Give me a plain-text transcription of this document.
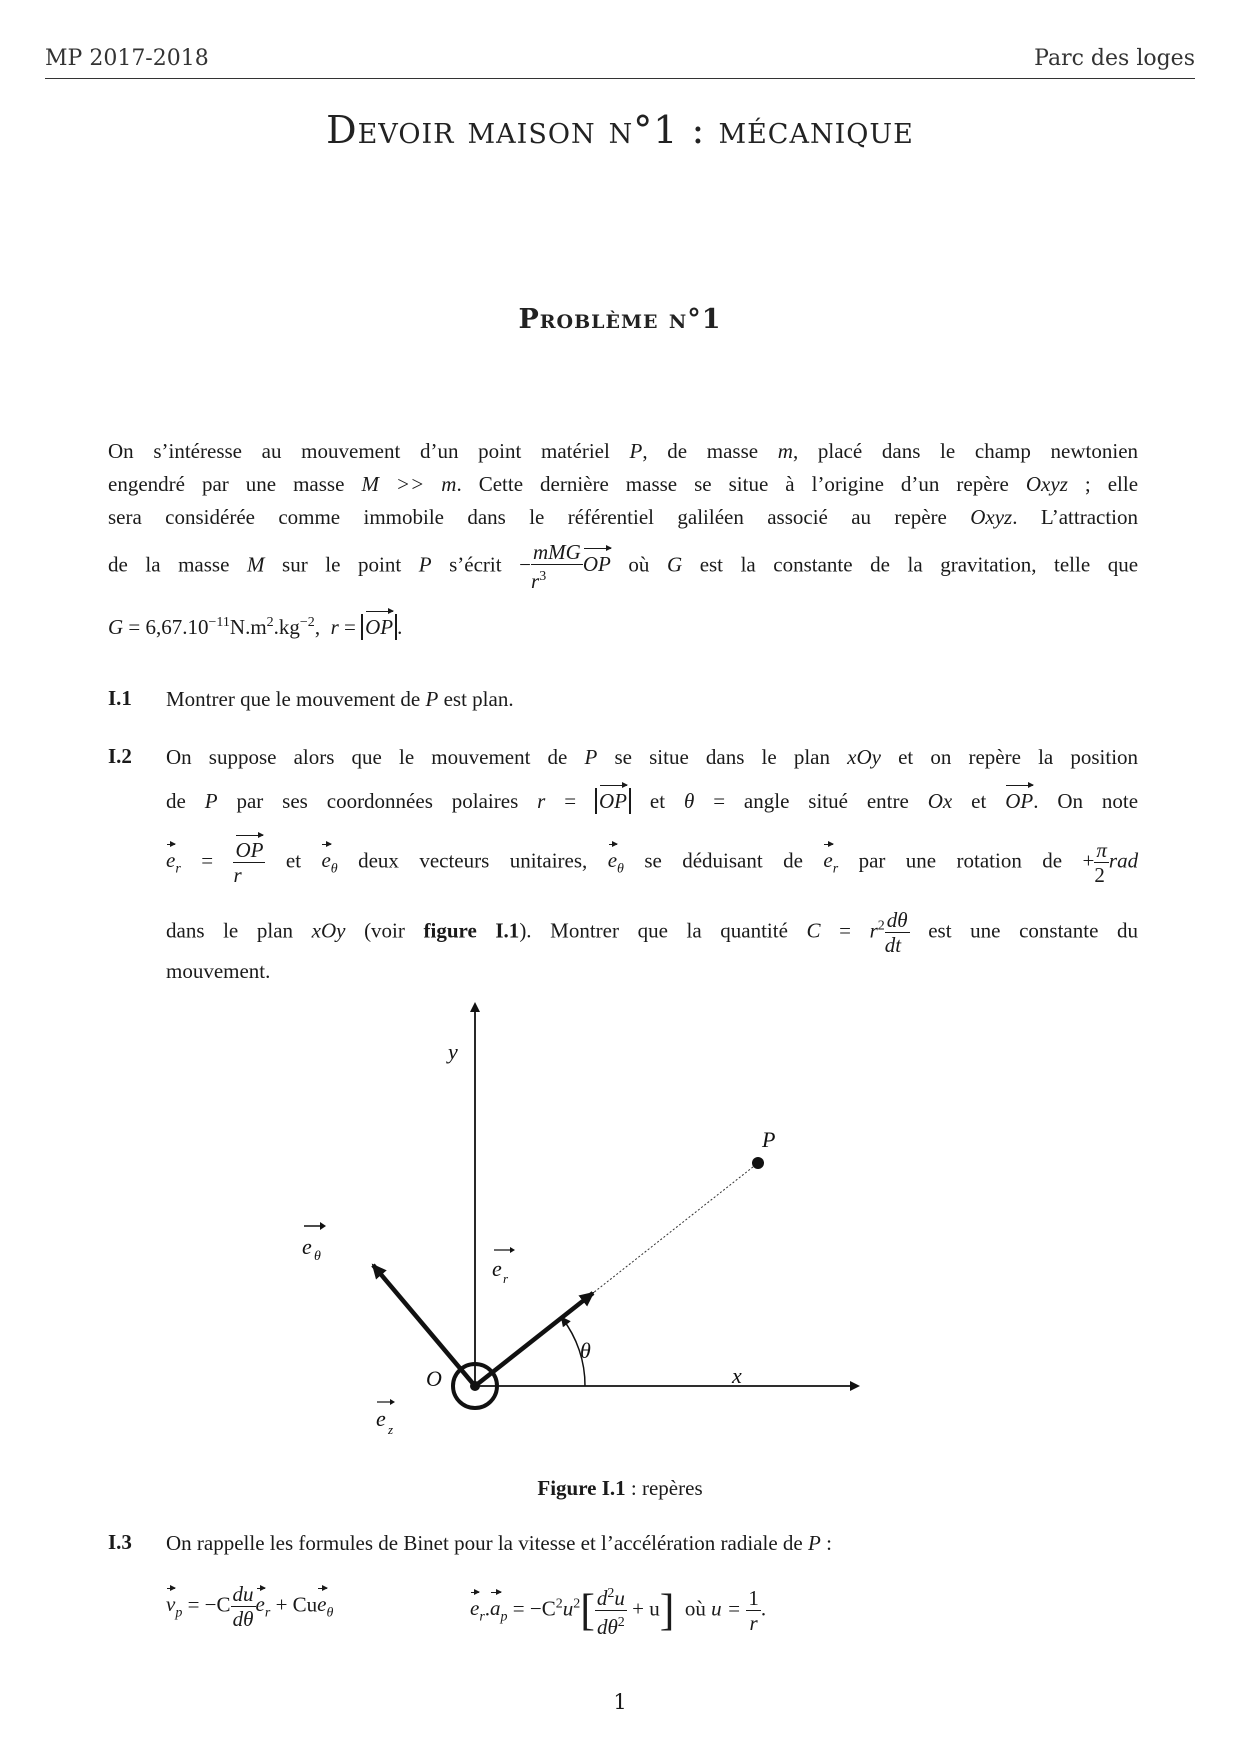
MP 2017-2018	Parc des loges
Devoir maison n°1 : mécanique
Problème n°1
On s’intéresse au mouvement d’un point matériel P, de masse m, placé dans le champ newtonien
engendré par une masse M >> m. Cette dernière masse se situe à l’origine d’un repère Oxyz ; elle
sera considérée comme immobile dans le référentiel galiléen associé au repère Oxyz. L’attraction
de la masse M sur le point P s’écrit − $\frac{\text{mMG}}{r^3}$ OP où G est la constante de la gravitation, telle que
$G = 6,67.10^{-11}N.m^2.kg^{-2}$,  r = OP .
I.1 Montrer que le mouvement de P est plan.
I.2 On suppose alors que le mouvement de P se situe dans le plan xOy et on repère la position
de P par ses coordonnées polaires r = OP et θ = angle situé entre Ox et OP. On note
$e_r = \frac{OP}{r}$ et $e_\theta$ deux vecteurs unitaires, $e_\theta$ se déduisant de $e_r$ par une rotation de + $\frac{\pi}{2}$ rad
dans le plan xOy (voir figure I.1). Montrer que la quantité $C = r^2 \frac{d\theta}{dt}$ est une constante du
mouvement.
y
x
P
O
θ
e θ	e r
e z
Figure I.1 : repères
I.3 On rappelle les formules de Binet pour la vitesse et l’accélération radiale de P :
$v_p = -C \frac{du}{d\theta} e_r + Cue_\theta$	$e_r.a_p = -C^2u^2[ \frac{d^2u}{d\theta^2} + u]$ où $u = \frac{1}{r}$ .
1
